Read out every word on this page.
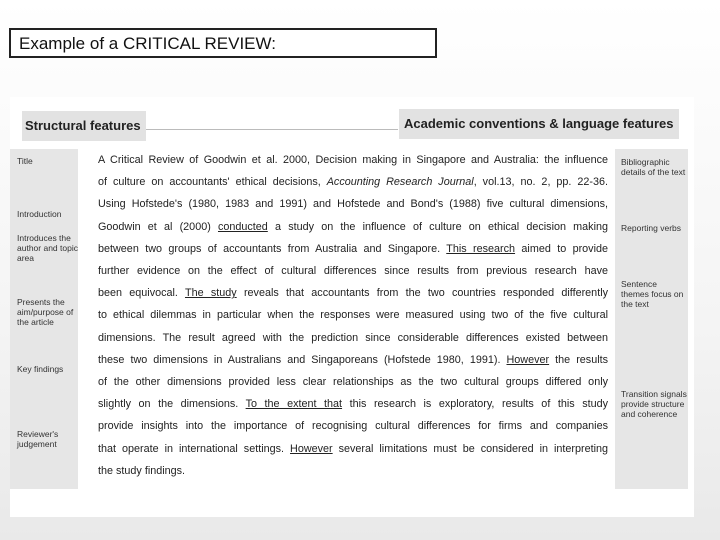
Example of a CRITICAL REVIEW:
Structural features	Academic conventions & language features
Title
Introduction
Introduces the author and topic area
Presents the aim/purpose of the article
Key findings
Reviewer's judgement
Bibliographic details of the text
Reporting verbs
Sentence themes focus on the text
Transition signals provide structure and coherence
A Critical Review of Goodwin et al. 2000, Decision making in Singapore and Australia: the influence
of culture on accountants' ethical decisions, Accounting Research Journal, vol.13, no. 2, pp. 22-36.
Using Hofstede's (1980, 1983 and 1991) and Hofstede and Bond's (1988) five cultural dimensions,
Goodwin et al (2000) conducted a study on the influence of culture on ethical decision making
between two groups of accountants from Australia and Singapore. This research aimed to provide
further evidence on the effect of cultural differences since results from previous research have
been equivocal. The study reveals that accountants from the two countries responded differently
to ethical dilemmas in particular when the responses were measured using two of the five cultural
dimensions. The result agreed with the prediction since considerable differences existed between
these two dimensions in Australians and Singaporeans (Hofstede 1980, 1991). However the results
of the other dimensions provided less clear relationships as the two cultural groups differed only
slightly on the dimensions. To the extent that this research is exploratory, results of this study
provide insights into the importance of recognising cultural differences for firms and companies
that operate in international settings. However several limitations must be considered in interpreting
the study findings.
